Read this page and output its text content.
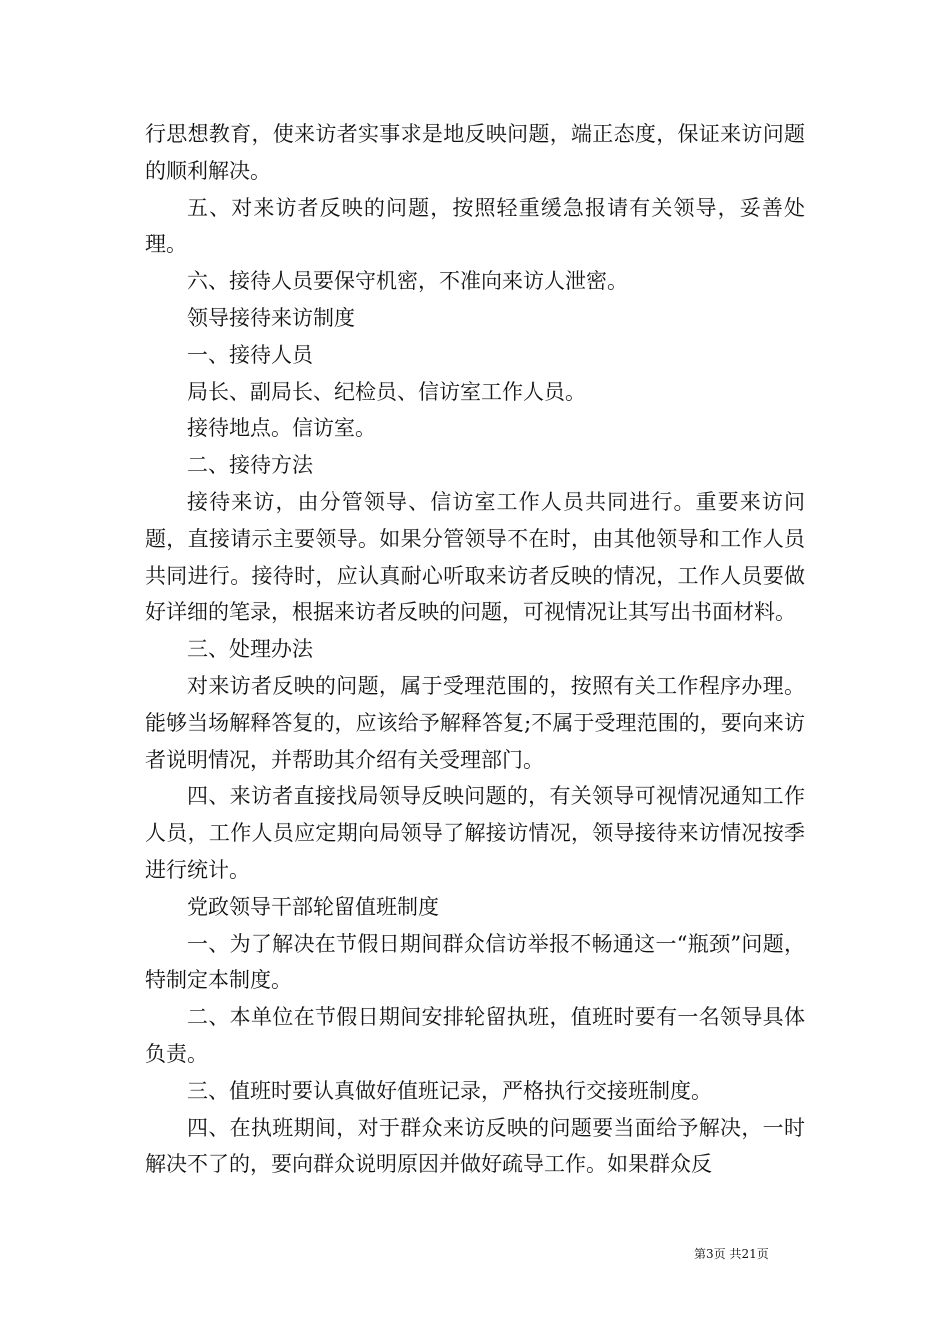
行思想教育，使来访者实事求是地反映问题，端正态度，保证来访问题的顺利解决。

五、对来访者反映的问题，按照轻重缓急报请有关领导，妥善处理。

六、接待人员要保守机密，不准向来访人泄密。

领导接待来访制度

一、接待人员

局长、副局长、纪检员、信访室工作人员。

接待地点。信访室。

二、接待方法

接待来访，由分管领导、信访室工作人员共同进行。重要来访问题，直接请示主要领导。如果分管领导不在时，由其他领导和工作人员共同进行。接待时，应认真耐心听取来访者反映的情况，工作人员要做好详细的笔录，根据来访者反映的问题，可视情况让其写出书面材料。

三、处理办法

对来访者反映的问题，属于受理范围的，按照有关工作程序办理。能够当场解释答复的，应该给予解释答复;不属于受理范围的，要向来访者说明情况，并帮助其介绍有关受理部门。

四、来访者直接找局领导反映问题的，有关领导可视情况通知工作人员，工作人员应定期向局领导了解接访情况，领导接待来访情况按季进行统计。

党政领导干部轮留值班制度

一、为了解决在节假日期间群众信访举报不畅通这一“瓶颈”问题，特制定本制度。

二、本单位在节假日期间安排轮留执班，值班时要有一名领导具体负责。

三、值班时要认真做好值班记录，严格执行交接班制度。

四、在执班期间，对于群众来访反映的问题要当面给予解决，一时解决不了的，要向群众说明原因并做好疏导工作。如果群众反

第3页 共21页
